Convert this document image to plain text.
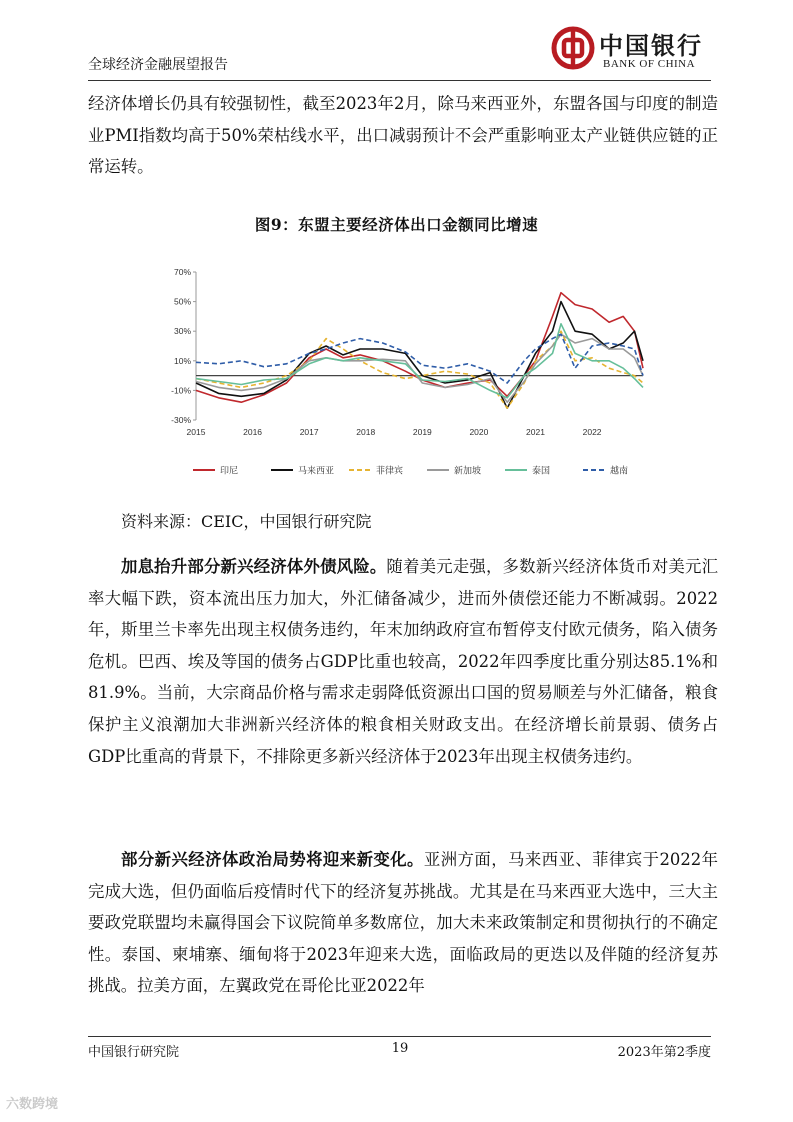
全球经济金融展望报告
中国银行
BANK OF CHINA
经济体增长仍具有较强韧性，截至2023年2月，除马来西亚外，东盟各国与印度的制造业PMI指数均高于50%荣枯线水平，出口减弱预计不会严重影响亚太产业链供应链的正常运转。
图9：东盟主要经济体出口金额同比增速
70%
50%
30%
10%
-10%
-30%
2015	2016	2017	2018	2019	2020	2021	2022
印尼	马来西亚	菲律宾	新加坡	泰国	越南
资料来源：CEIC，中国银行研究院
加息抬升部分新兴经济体外债风险。随着美元走强，多数新兴经济体货币对美元汇率大幅下跌，资本流出压力加大，外汇储备减少，进而外债偿还能力不断减弱。2022年，斯里兰卡率先出现主权债务违约，年末加纳政府宣布暂停支付欧元债务，陷入债务危机。巴西、埃及等国的债务占GDP比重也较高，2022年四季度比重分别达85.1%和81.9%。当前，大宗商品价格与需求走弱降低资源出口国的贸易顺差与外汇储备，粮食保护主义浪潮加大非洲新兴经济体的粮食相关财政支出。在经济增长前景弱、债务占GDP比重高的背景下，不排除更多新兴经济体于2023年出现主权债务违约。
部分新兴经济体政治局势将迎来新变化。亚洲方面，马来西亚、菲律宾于2022年完成大选，但仍面临后疫情时代下的经济复苏挑战。尤其是在马来西亚大选中，三大主要政党联盟均未赢得国会下议院简单多数席位，加大未来政策制定和贯彻执行的不确定性。泰国、柬埔寨、缅甸将于2023年迎来大选，面临政局的更迭以及伴随的经济复苏挑战。拉美方面，左翼政党在哥伦比亚2022年
中国银行研究院	19	2023年第2季度
六数跨境
